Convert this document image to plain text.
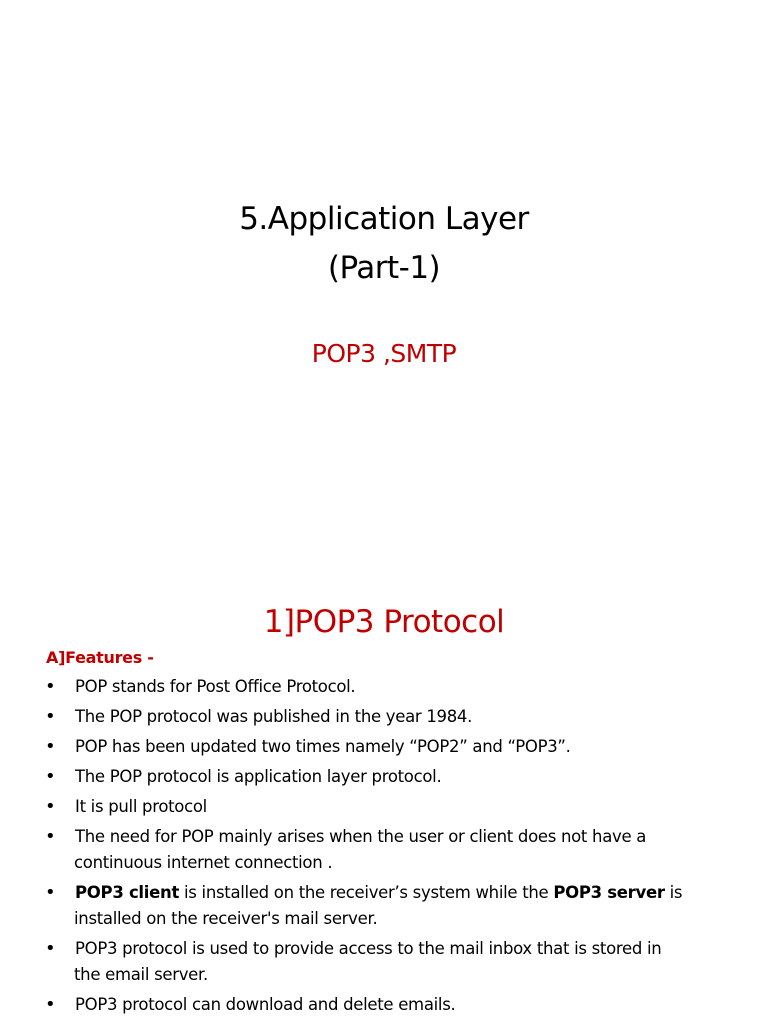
5.Application Layer
(Part-1)
POP3 ,SMTP
1]POP3 Protocol
A]Features -
• POP stands for Post Office Protocol.
• The POP protocol was published in the year 1984.
• POP has been updated two times namely “POP2” and “POP3”.
• The POP protocol is application layer protocol.
• It is pull protocol
• The need for POP mainly arises when the user or client does not have a
continuous internet connection .
• POP3 client is installed on the receiver’s system while the POP3 server is installed on the receiver's mail server.
• POP3 protocol is used to provide access to the mail inbox that is stored in
the email server.
• POP3 protocol can download and delete emails.
